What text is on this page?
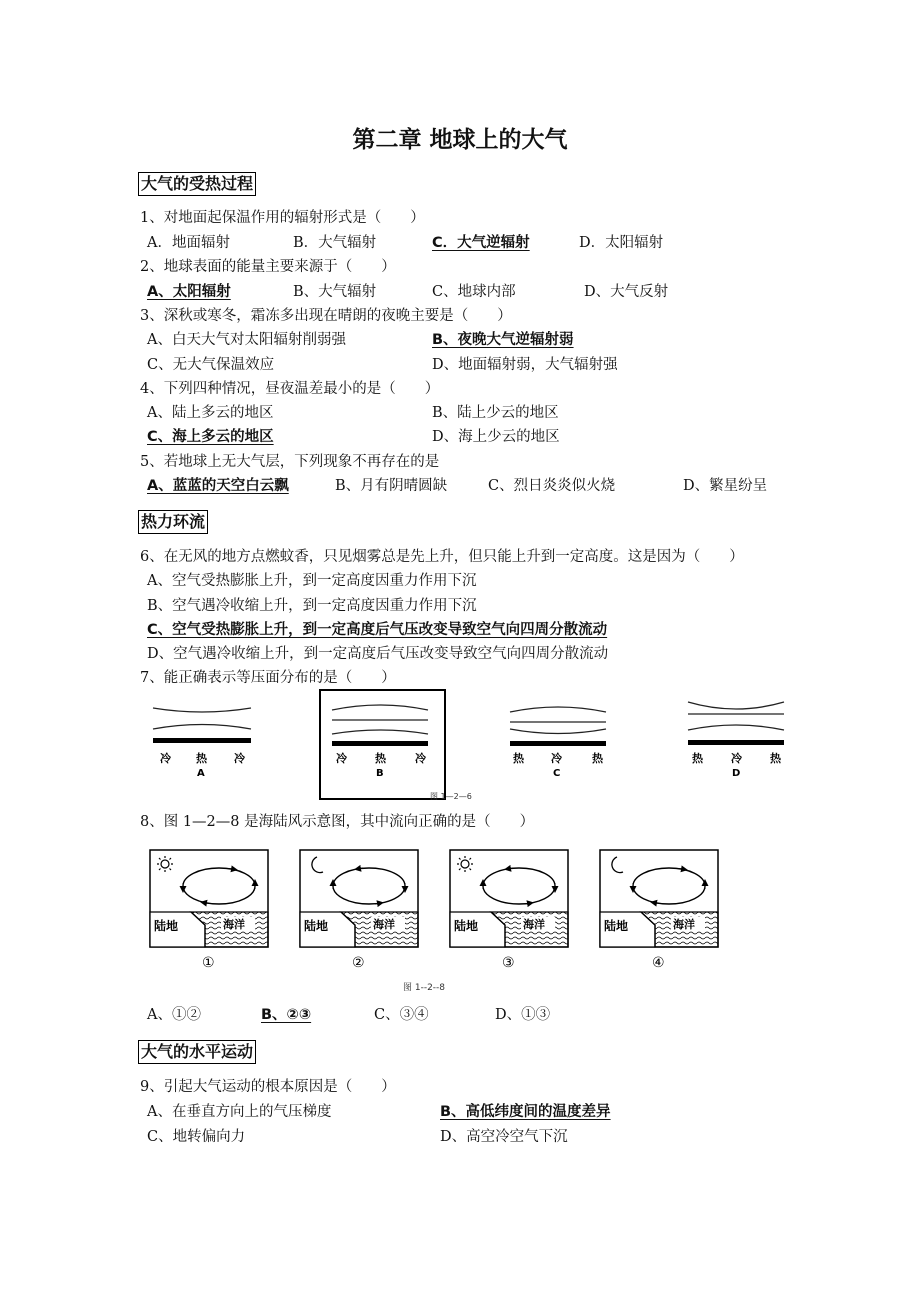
第二章 地球上的大气
大气的受热过程
1、对地面起保温作用的辐射形式是（　　）
A．地面辐射	B．大气辐射	C．大气逆辐射	D．太阳辐射
2、地球表面的能量主要来源于（　　）
A、太阳辐射	B、大气辐射	C、地球内部	D、大气反射
3、深秋或寒冬，霜冻多出现在晴朗的夜晚主要是（　　）
A、白天大气对太阳辐射削弱强	B、夜晚大气逆辐射弱
C、无大气保温效应	D、地面辐射弱，大气辐射强
4、下列四种情况，昼夜温差最小的是（　　）
A、陆上多云的地区	B、陆上少云的地区
C、海上多云的地区	D、海上少云的地区
5、若地球上无大气层，下列现象不再存在的是
A、蓝蓝的天空白云飘	B、月有阴晴圆缺	C、烈日炎炎似火烧	D、繁星纷呈
热力环流
6、在无风的地方点燃蚊香，只见烟雾总是先上升，但只能上升到一定高度。这是因为（　　）
A、空气受热膨胀上升，到一定高度因重力作用下沉
B、空气遇冷收缩上升，到一定高度因重力作用下沉
C、空气受热膨胀上升，到一定高度后气压改变导致空气向四周分散流动
D、空气遇冷收缩上升，到一定高度后气压改变导致空气向四周分散流动
7、能正确表示等压面分布的是（　　）
冷 热 冷
A
冷	热	冷
B
热 冷	热
C
热	冷	热
D
图 1—2—6
8、图 1—2—8 是海陆风示意图，其中流向正确的是（　　）
陆地	海洋
①
陆地	海洋
②
陆地	海洋
③
陆地	海洋
④
图 1--2--8
A、①②	B、②③	C、③④	D、①③
大气的水平运动
9、引起大气运动的根本原因是（　　）
A、在垂直方向上的气压梯度	B、高低纬度间的温度差异
C、地转偏向力	D、高空冷空气下沉
